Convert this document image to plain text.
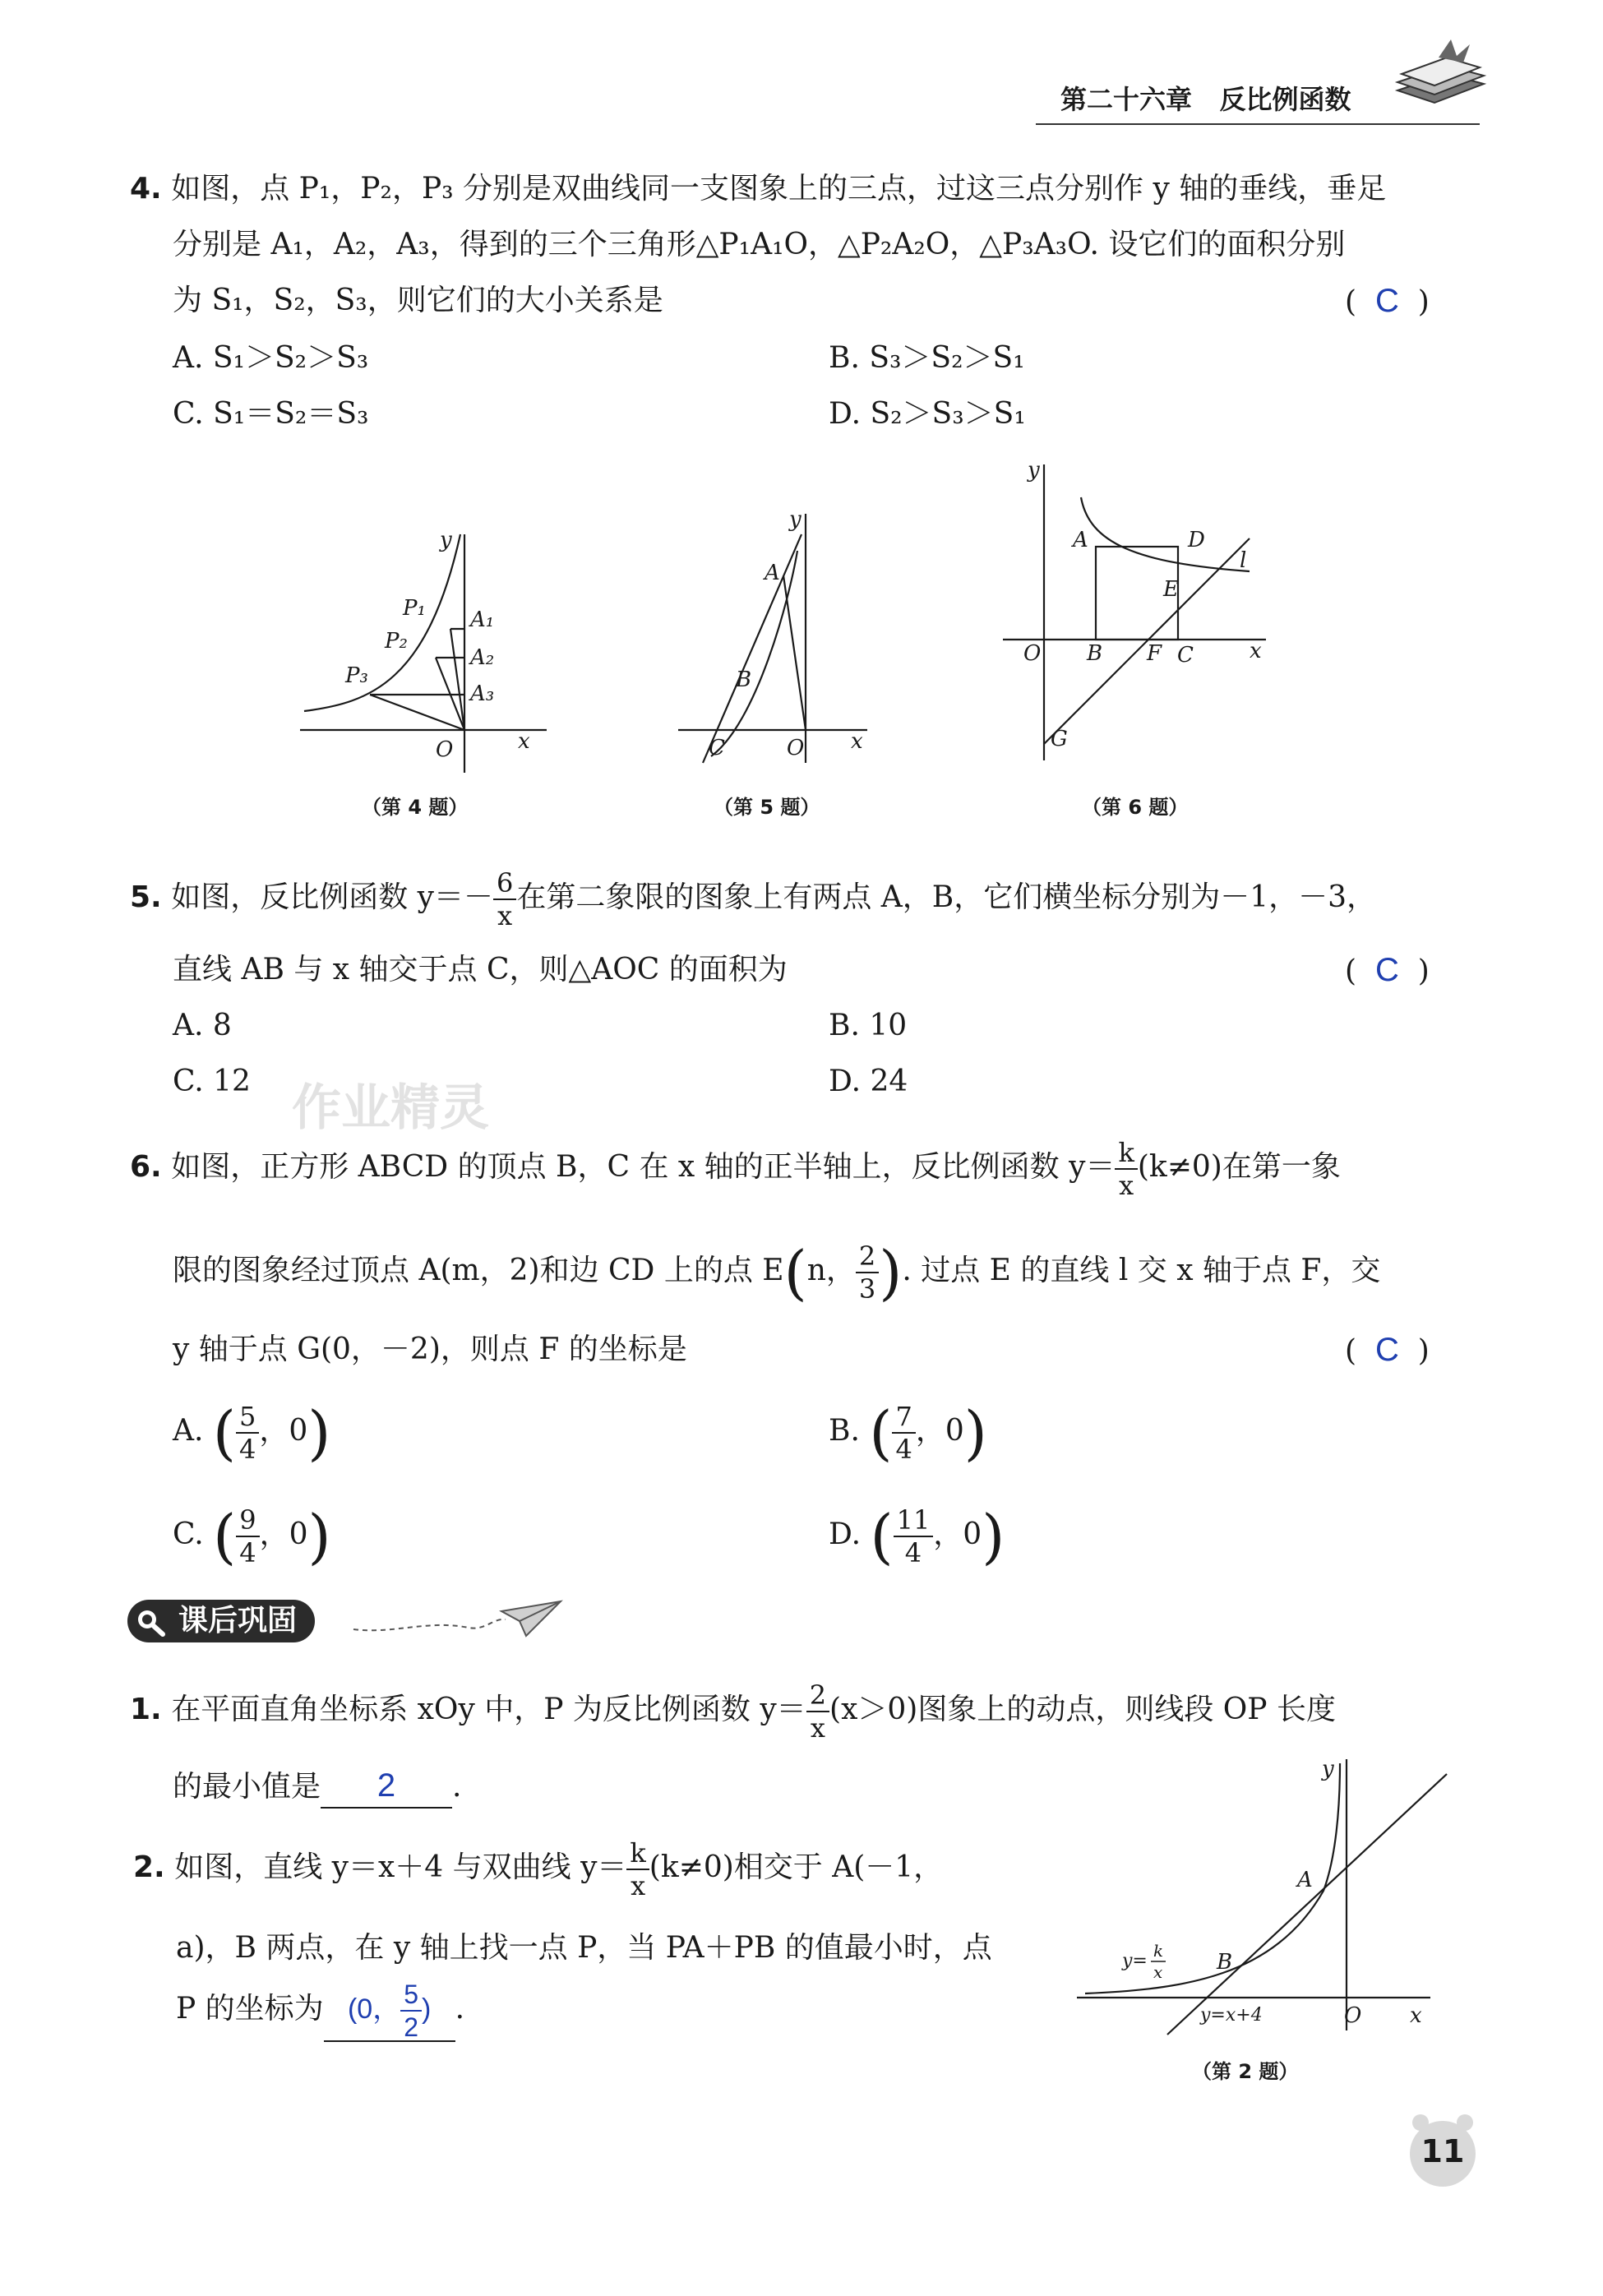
第二十六章 反比例函数
4. 如图，点 P₁，P₂，P₃ 分别是双曲线同一支图象上的三点，过这三点分别作 y 轴的垂线，垂足
分别是 A₁，A₂，A₃，得到的三个三角形△P₁A₁O，△P₂A₂O，△P₃A₃O. 设它们的面积分别
为 S₁，S₂，S₃，则它们的大小关系是	(  C  )
A. S₁＞S₂＞S₃	B. S₃＞S₂＞S₁
C. S₁＝S₂＝S₃	D. S₂＞S₃＞S₁
y
x
O
P₁
P₂
P₃
A₁
A₂
A₃
（第 4 题）
y
x
O
A
B
C
（第 5 题）
y
x
O
A
B	C
D
E
F
G
l
（第 6 题）
5. 如图，反比例函数 $y=- \frac{6}{x}$ 在第二象限的图象上有两点 A，B，它们横坐标分别为－1，－3，
直线 AB 与 x 轴交于点 C，则△AOC 的面积为	(  C  )
A. 8	B. 10
C. 12	D. 24
作业精灵
6. 如图，正方形 ABCD 的顶点 B，C 在 x 轴的正半轴上，反比例函数 $y= \frac{k}{x} (k\ne 0)$在第一象
限的图象经过顶点 A(m，2)和边 CD 上的点 E(n， $\frac{2}{3}$ ). 过点 E 的直线 l 交 x 轴于点 F，交
y 轴于点 G(0，－2)，则点 F 的坐标是	(  C  )
A. ( $\frac{5}{4}$ ，0)	B. ( $\frac{7}{4}$ ，0)
C. ( $\frac{9}{4}$ ，0)	D. ( $\frac{11}{4}$ ，0)
课后巩固
1. 在平面直角坐标系 xOy 中，P 为反比例函数 $y= \frac{2}{x} (x>0)$图象上的动点，则线段 OP 长度
的最小值是 2 .
2. 如图，直线 y＝x＋4 与双曲线 $y= \frac{k}{x} (k\ne 0)$相交于 A(－1，
a)，B 两点，在 y 轴上找一点 P，当 PA＋PB 的值最小时，点
P 的坐标为 (0， $\frac{5}{2}$ ) .
y
x
O
A
B
y= k
x
y=x+4
（第 2 题）
11
